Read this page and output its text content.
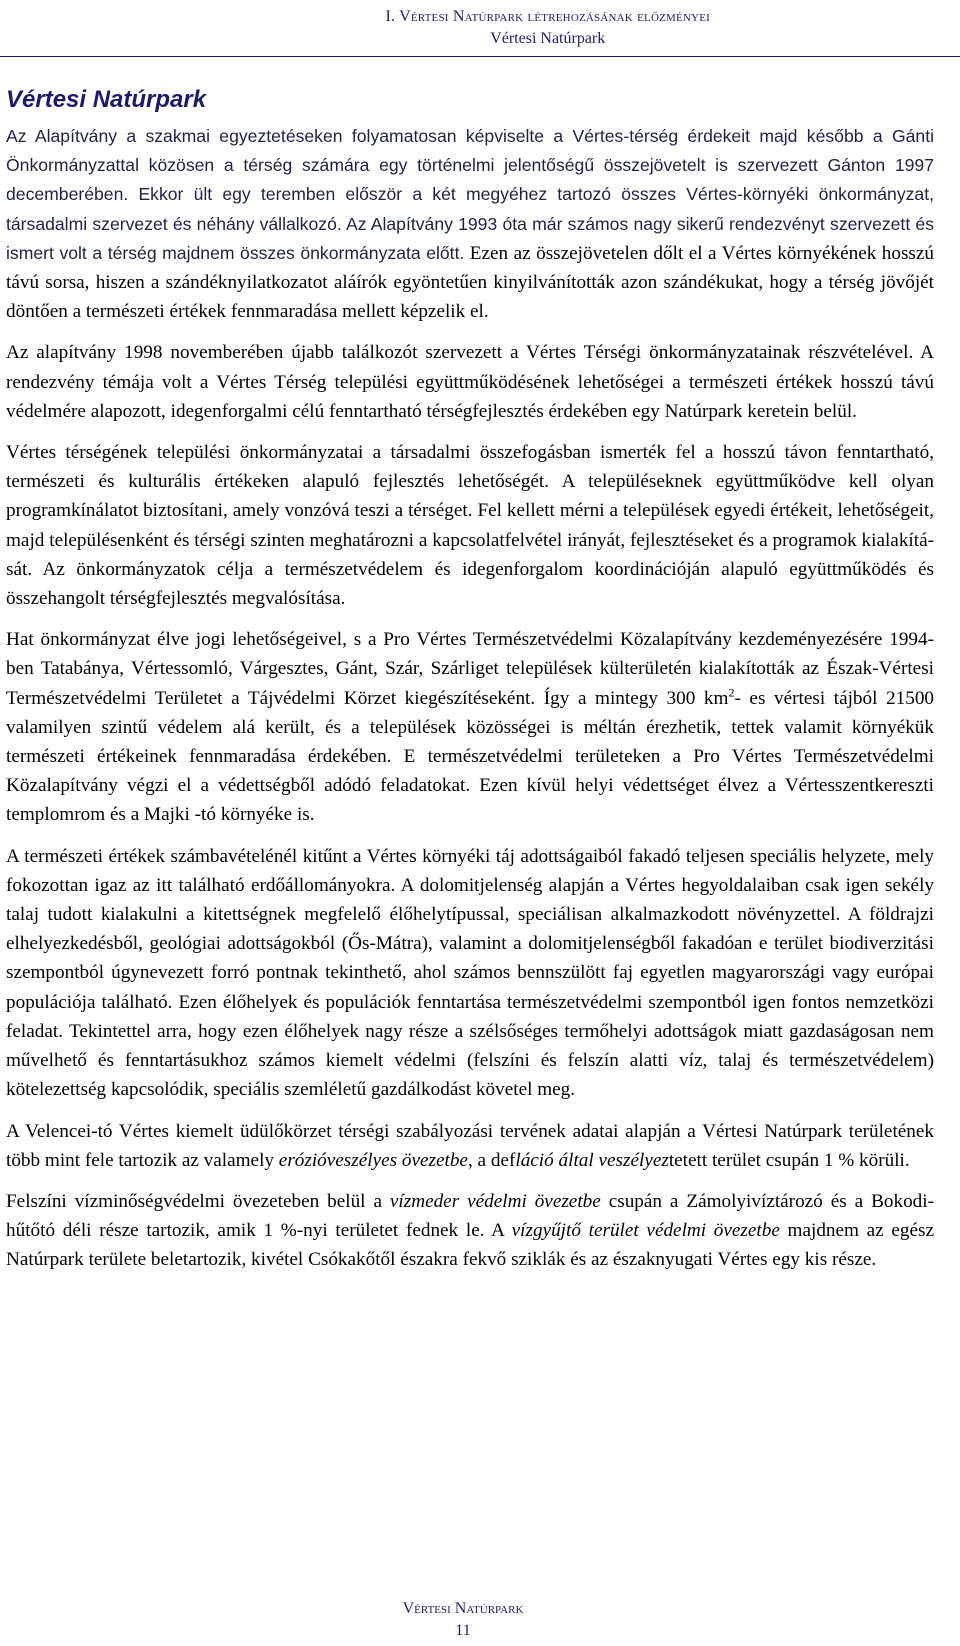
I. Vértesi Natúrpark létrehozásának előzményei
Vértesi Natúrpark
Vértesi Natúrpark

Az Alapítvány a szakmai egyeztetéseken folyamatosan képviselte a Vértes-térség érdekeit majd később a Gánti Önkormányzattal közösen a térség számára egy történelmi jelentőségű összejövetelt is szervezett Gánton 1997 decemberében. Ekkor ült egy teremben először a két megyéhez tartozó összes Vértes-környéki önkormányzat, társadalmi szervezet és néhány vállalkozó. Az Alapítvány 1993 óta már számos nagy sikerű rendezvényt szervezett és ismert volt a térség majdnem összes önkormányzata előtt. Ezen az összejövetelen dőlt el a Vértes környékének hosszú távú sorsa, hiszen a szándéknyilatkozatot aláírók egyöntetűen kinyilvánították azon szándékukat, hogy a térség jövőjét döntően a természeti értékek fennmaradása mellett képzelik el.

Az alapítvány 1998 novemberében újabb találkozót szervezett a Vértes Térségi önkormányzatainak részvételével. A rendezvény témája volt a Vértes Térség települési együttműködésének lehetőségei a természeti értékek hosszú távú védelmére alapozott, idegenforgalmi célú fenntartható térségfejlesztés érdekében egy Natúrpark keretein belül.

Vértes térségének települési önkormányzatai a társadalmi összefogásban ismerték fel a hosszú távon fenntartható, természeti és kulturális értékeken alapuló fejlesztés lehetőségét. A településeknek együttműködve kell olyan programkínálatot biztosítani, amely vonzóvá teszi a térséget. Fel kellett mérni a települések egyedi értékeit, lehetőségeit, majd településenként és térségi szinten meghatározni a kapcsolatfelvétel irányát, fejlesztéseket és a programok kialakítását. Az önkormányzatok célja a természetvédelem és idegenforgalom koordinációján alapuló együttműködés és összehangolt térségfejlesztés megvalósítása.

Hat önkormányzat élve jogi lehetőségeivel, s a Pro Vértes Természetvédelmi Közalapítvány kezdeményezésére 1994-ben Tatabánya, Vértessomló, Várgesztes, Gánt, Szár, Szárliget települések külterületén kialakították az Észak-Vértesi Természetvédelmi Területet a Tájvédelmi Körzet kiegészítéseként. Így a mintegy 300 $km^2-$ es vértesi tájból 21500 valamilyen szintű védelem alá került, és a települések közösségei is méltán érezhetik, tettek valamit környékük természeti értékeinek fennmaradása érdekében. E természetvédelmi területeken a Pro Vértes Természetvédelmi Közalapítvány végzi el a védettségből adódó feladatokat. Ezen kívül helyi védettséget élvez a Vértesszentkereszti templomrom és a Majki -tó környéke is.

A természeti értékek számbavételénél kitűnt a Vértes környéki táj adottságaiból fakadó teljesen speciális helyzete, mely fokozottan igaz az itt található erdőállományokra. A dolomitjelenség alapján a Vértes hegyoldalaiban csak igen sekély talaj tudott kialakulni a kitettségnek megfelelő élőhelytípussal, speciálisan alkalmazkodott növényzettel. A földrajzi elhelyezkedésből, geológiai adottságokból (Ős-Mátra), valamint a dolomitjelenségből fakadóan e terület biodiverzitási szempontból úgynevezett forró pontnak tekinthető, ahol számos bennszülött faj egyetlen magyarországi vagy európai populációja található. Ezen élőhelyek és populációk fenntartása természetvédelmi szempontból igen fontos nemzetközi feladat. Tekintettel arra, hogy ezen élőhelyek nagy része a szélsőséges termőhelyi adottságok miatt gazdaságosan nem művelhető és fenntartásukhoz számos kiemelt védelmi (felszíni és felszín alatti víz, talaj és természetvédelem) kötelezettség kapcsolódik, speciális szemléletű gazdálkodást követel meg.

A Velencei-tó Vértes kiemelt üdülőkörzet térségi szabályozási tervének adatai alapján a Vértesi Natúrpark területének több mint fele tartozik az valamely erózióveszélyes övezetbe, a defláció által veszélyeztetett terület csupán 1 % körüli.

Felszíni vízminőségvédelmi övezeteben belül a vízmeder védelmi övezetbe csupán a Zámolyivíztározó és a Bokodi-hűtőtó déli része tartozik, amik 1 %-nyi területet fednek le. A vízgyűjtő terület védelmi övezetbe majdnem az egész Natúrpark területe beletartozik, kivétel Csókakőtől északra fekvő sziklák és az északnyugati Vértes egy kis része.

Vértesi Natúrpark
11
